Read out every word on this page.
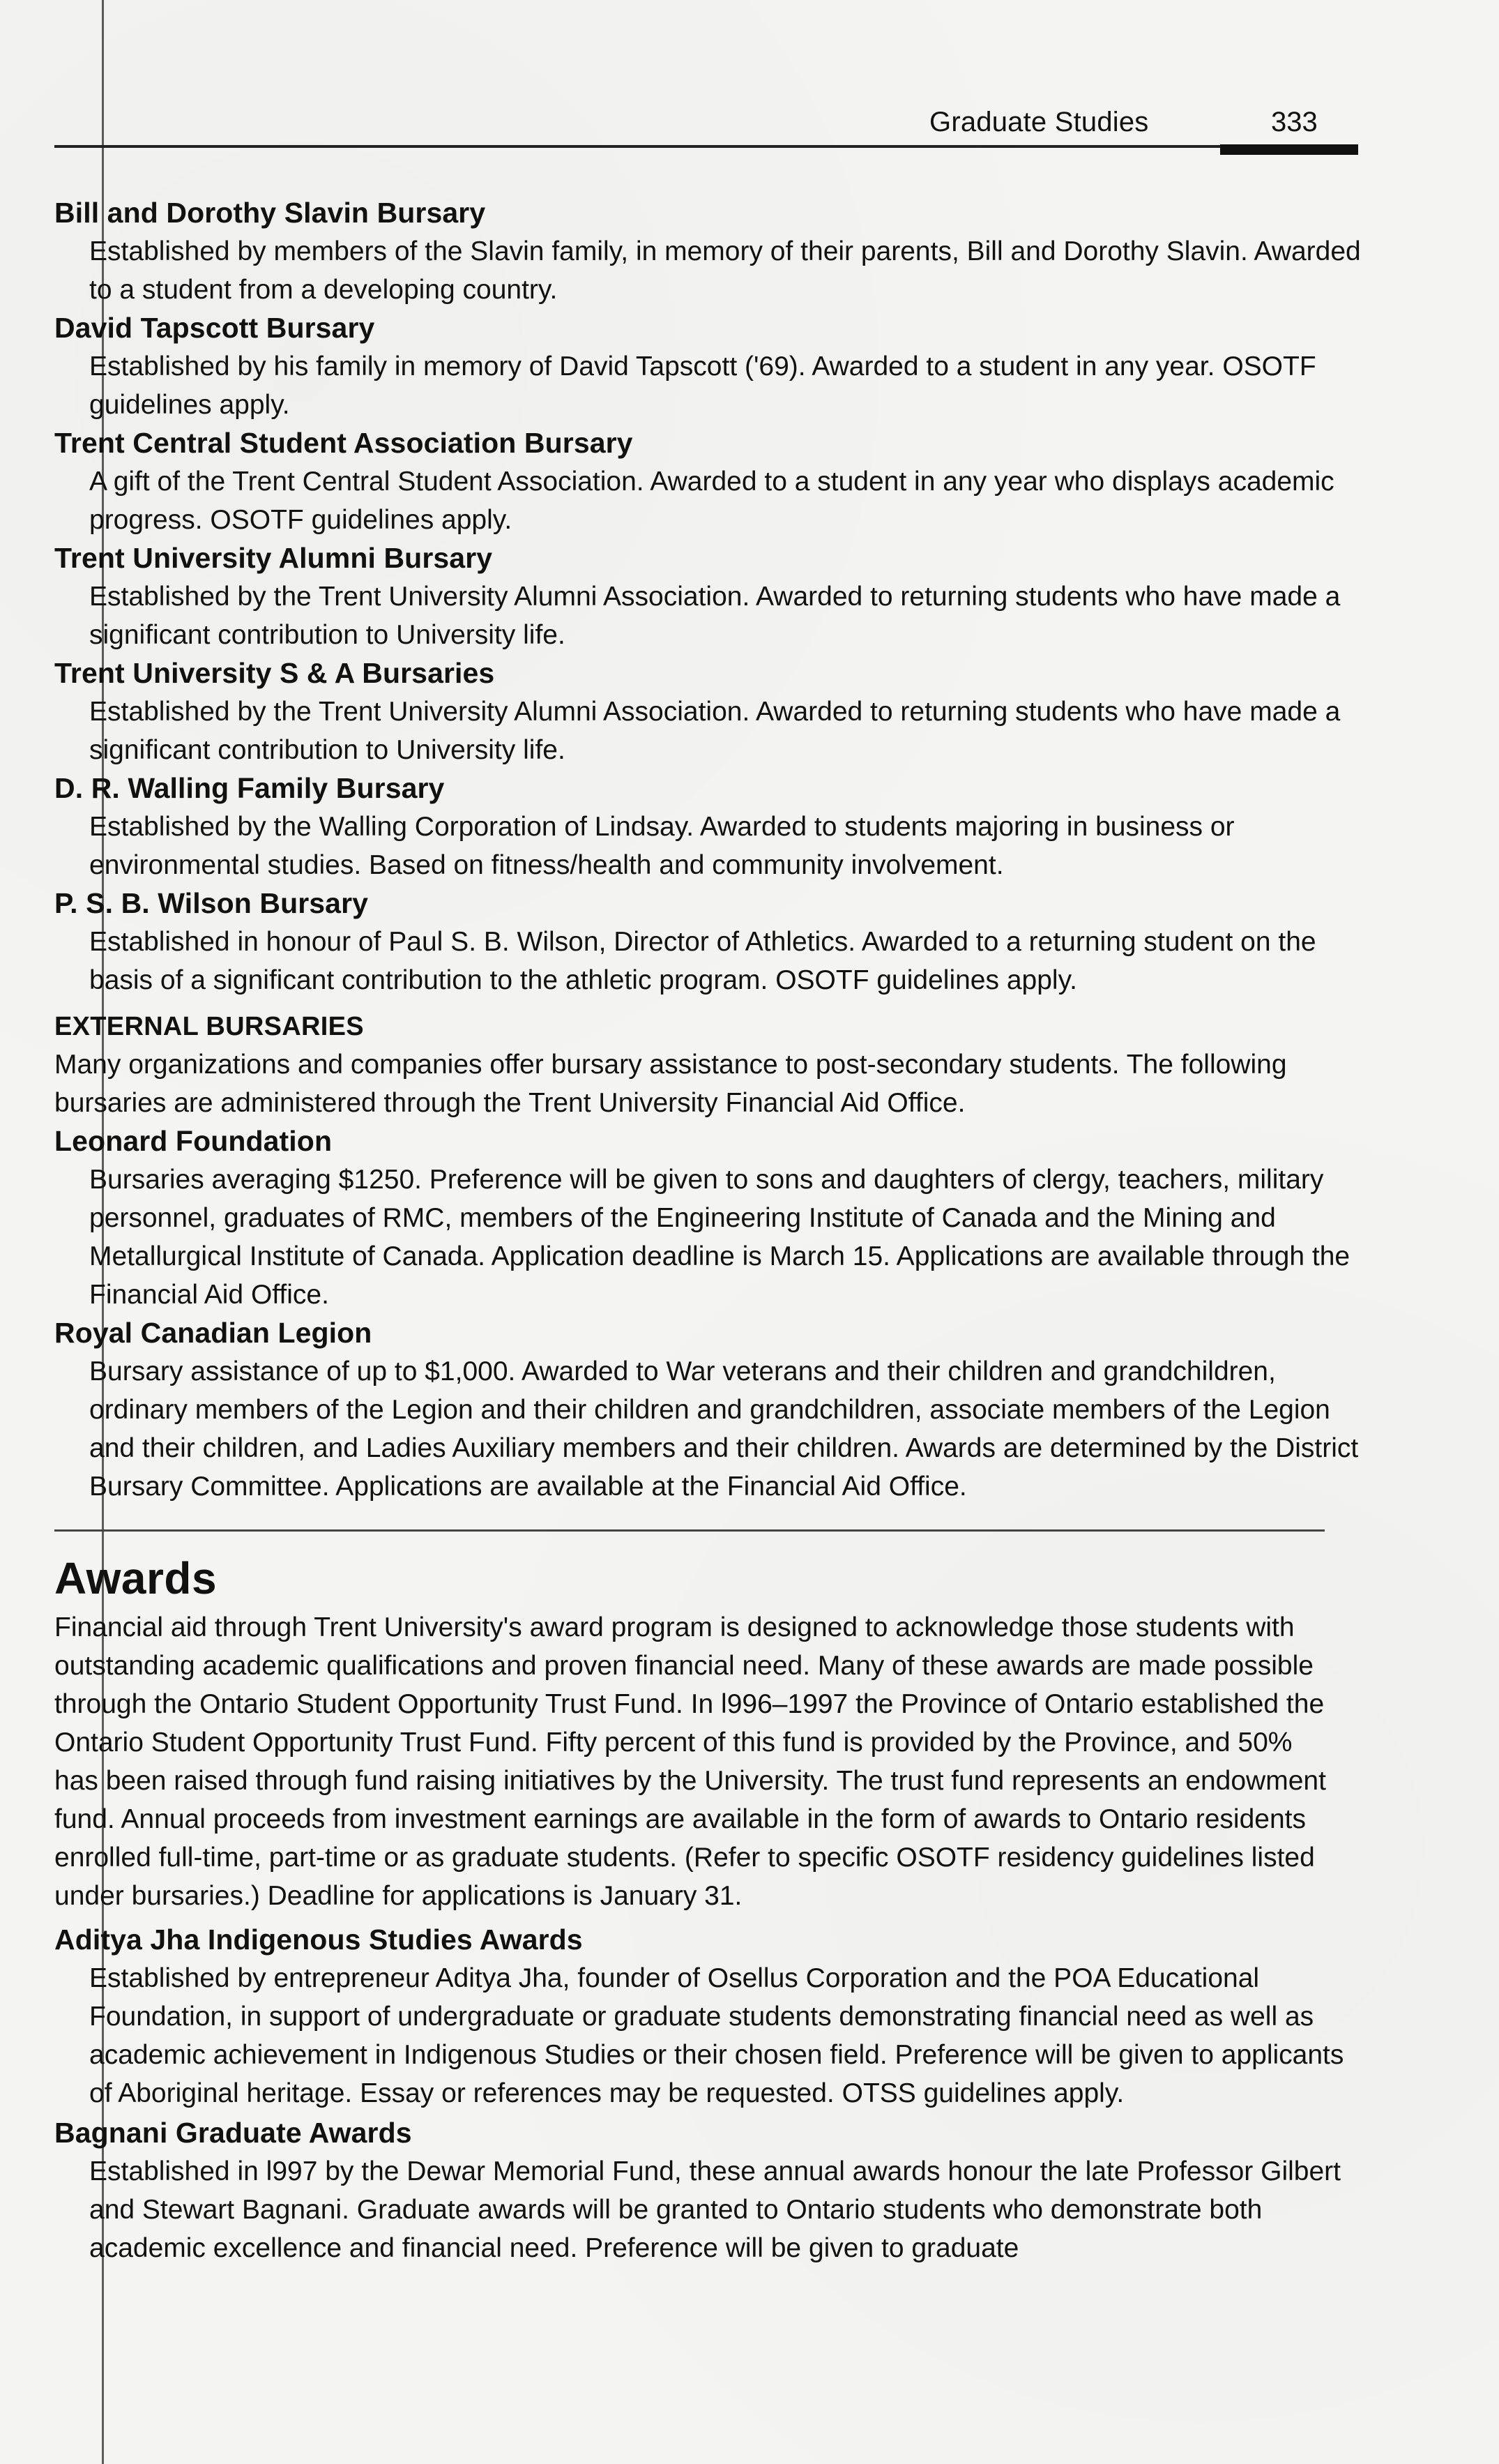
Graduate Studies	333

Bill and Dorothy Slavin Bursary

Established by members of the Slavin family, in memory of their parents, Bill and Dorothy Slavin. Awarded to a student from a developing country.

David Tapscott Bursary

Established by his family in memory of David Tapscott ('69). Awarded to a student in any year. OSOTF guidelines apply.

Trent Central Student Association Bursary

A gift of the Trent Central Student Association. Awarded to a student in any year who displays academic progress. OSOTF guidelines apply.

Trent University Alumni Bursary

Established by the Trent University Alumni Association. Awarded to returning students who have made a significant contribution to University life.

Trent University S & A Bursaries

Established by the Trent University Alumni Association. Awarded to returning students who have made a significant contribution to University life.

D. R. Walling Family Bursary

Established by the Walling Corporation of Lindsay. Awarded to students majoring in business or environmental studies. Based on fitness/health and community involvement.

P. S. B. Wilson Bursary

Established in honour of Paul S. B. Wilson, Director of Athletics. Awarded to a returning student on the basis of a significant contribution to the athletic program. OSOTF guidelines apply.

EXTERNAL BURSARIES

Many organizations and companies offer bursary assistance to post-secondary students. The following bursaries are administered through the Trent University Financial Aid Office.

Leonard Foundation

Bursaries averaging $1250. Preference will be given to sons and daughters of clergy, teachers, military personnel, graduates of RMC, members of the Engineering Institute of Canada and the Mining and Metallurgical Institute of Canada. Application deadline is March 15. Applications are available through the Financial Aid Office.

Royal Canadian Legion

Bursary assistance of up to $1,000. Awarded to War veterans and their children and grandchildren, ordinary members of the Legion and their children and grandchildren, associate members of the Legion and their children, and Ladies Auxiliary members and their children. Awards are determined by the District Bursary Committee. Applications are available at the Financial Aid Office.

Awards

Financial aid through Trent University's award program is designed to acknowledge those students with outstanding academic qualifications and proven financial need. Many of these awards are made possible through the Ontario Student Opportunity Trust Fund. In l996–1997 the Province of Ontario established the Ontario Student Opportunity Trust Fund. Fifty percent of this fund is provided by the Province, and 50% has been raised through fund raising initiatives by the University. The trust fund represents an endowment fund. Annual proceeds from investment earnings are available in the form of awards to Ontario residents enrolled full-time, part-time or as graduate students. (Refer to specific OSOTF residency guidelines listed under bursaries.) Deadline for applications is January 31.

Aditya Jha Indigenous Studies Awards

Established by entrepreneur Aditya Jha, founder of Osellus Corporation and the POA Educational Foundation, in support of undergraduate or graduate students demonstrating financial need as well as academic achievement in Indigenous Studies or their chosen field. Preference will be given to applicants of Aboriginal heritage. Essay or references may be requested. OTSS guidelines apply.

Bagnani Graduate Awards

Established in l997 by the Dewar Memorial Fund, these annual awards honour the late Professor Gilbert and Stewart Bagnani. Graduate awards will be granted to Ontario students who demonstrate both academic excellence and financial need. Preference will be given to graduate
